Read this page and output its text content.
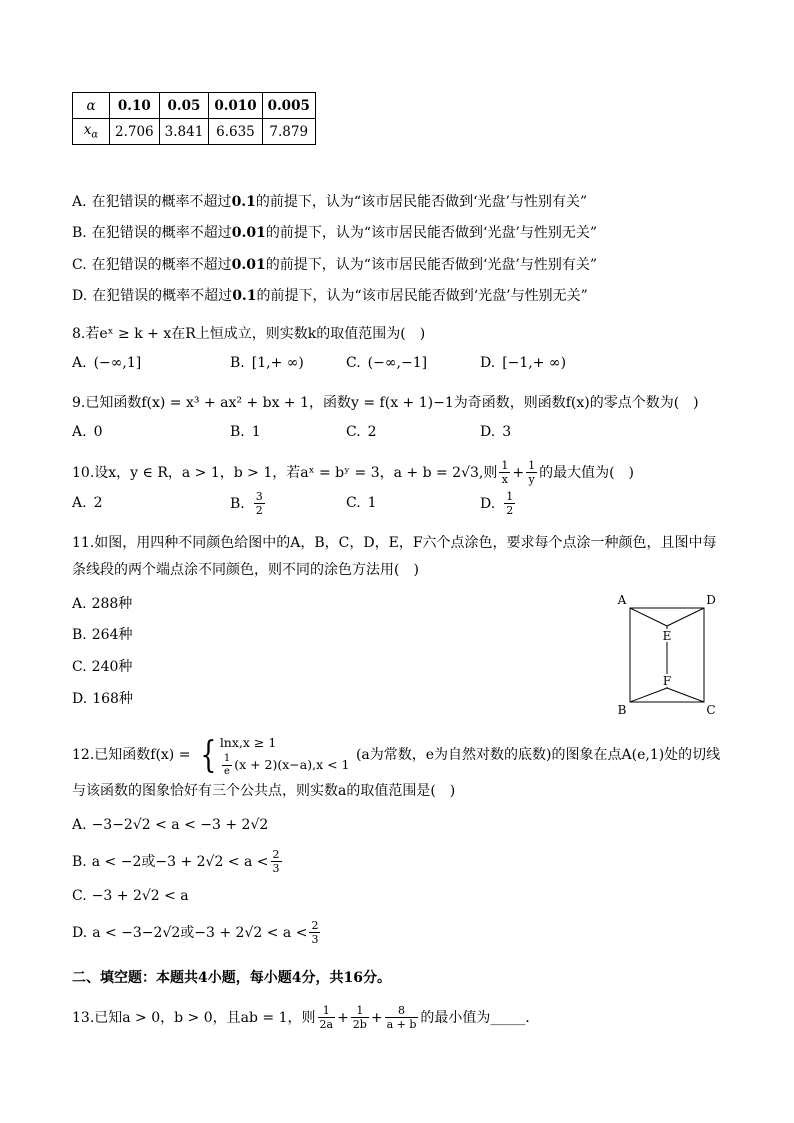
α	0.10	0.05	0.010	0.005
$x_\alpha$	2.706	3.841	6.635	7.879
A. 在犯错误的概率不超过0.1的前提下，认为“该市居民能否做到‘光盘’与性别有关”
B. 在犯错误的概率不超过0.01的前提下，认为“该市居民能否做到‘光盘’与性别无关”
C. 在犯错误的概率不超过0.01的前提下，认为“该市居民能否做到‘光盘’与性别有关”
D. 在犯错误的概率不超过0.1的前提下，认为“该市居民能否做到‘光盘’与性别无关”
8.若eˣ ≥ k + x在R上恒成立，则实数k的取值范围为(　)
A. (−∞,1]	B. [1,+ ∞)	C. (−∞,−1]	D. [−1,+ ∞)
9.已知函数f(x) = x³ + ax² + bx + 1，函数y = f(x + 1)−1为奇函数，则函数f(x)的零点个数为(　)
A. 0	B. 1	C. 2	D. 3
10.设x，y ∈ R，a > 1，b > 1，若aˣ = bʸ = 3，a + b = 2√3,则 $\frac{1}{x} + \frac{1}{y}$ 的最大值为(　)
A. 2	B. $\frac{3}{2}$	C. 1	D. $\frac{1}{2}$
11.如图，用四种不同颜色给图中的A，B，C，D，E，F六个点涂色，要求每个点涂一种颜色，且图中每条线段的两个端点涂不同颜色，则不同的涂色方法用(　)
A. 288种
B. 264种
C. 240种
D. 168种
A	D
E
F
B	C
12.已知函数f(x) = { lnx,x ≥ 1
$\frac{1}{e} (x + 2)(x-a),x < 1$
(a为常数，e为自然对数的底数)的图象在点A(e,1)处的切线与该函数的图象恰好有三个公共点，则实数a的取值范围是(　)
A. −3−2√2 < a < −3 + 2√2
B. a < −2或$-3 + 2√2 < a < \frac{2}{3}$
C. −3 + 2√2 < a
D. a < −3−2√2或$-3 + 2√2 < a < \frac{2}{3}$
二、填空题：本题共4小题，每小题4分，共16分。
13.已知a > 0，b > 0，且ab = 1，则 $\frac{1}{2a} + \frac{1}{2b} + \frac{8}{a + b}$ 的最小值为_____．
